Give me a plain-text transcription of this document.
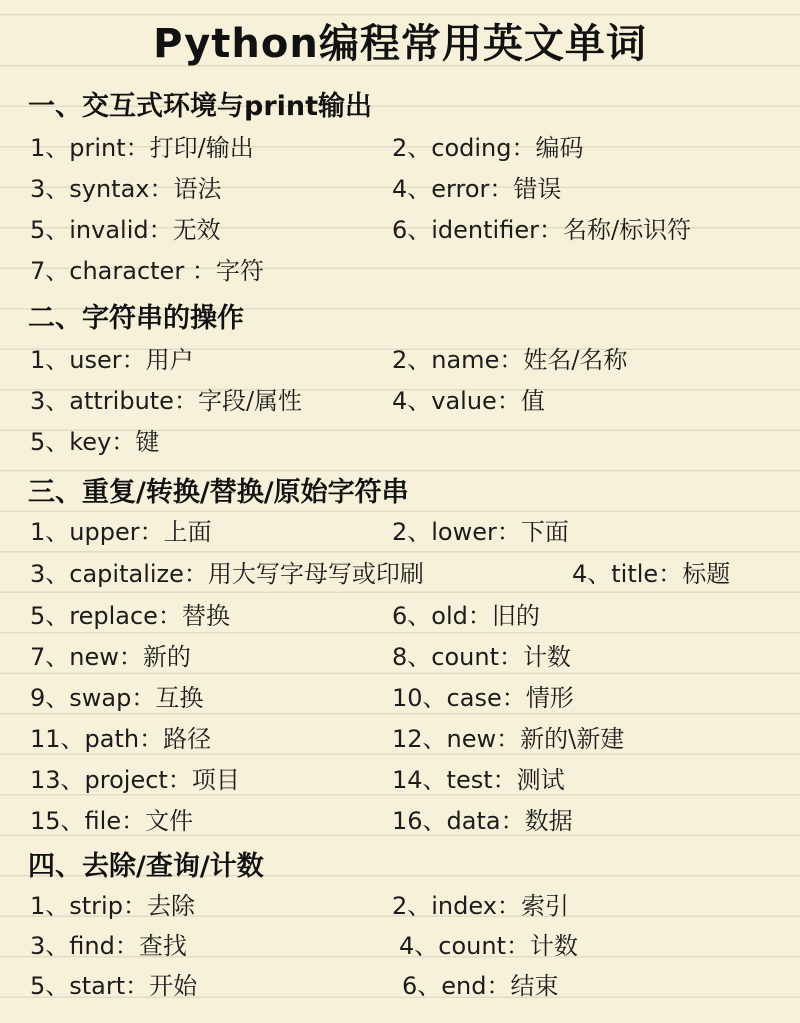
Python编程常用英文单词
一、交互式环境与print输出
1、print：打印/输出	2、coding：编码
3、syntax：语法	4、error：错误
5、invalid：无效	6、identifier：名称/标识符
7、character ：字符
二、字符串的操作
1、user：用户	2、name：姓名/名称
3、attribute：字段/属性	4、value：值
5、key：键
三、重复/转换/替换/原始字符串
1、upper：上面	2、lower：下面
3、capitalize：用大写字母写或印刷	4、title：标题
5、replace：替换	6、old：旧的
7、new：新的	8、count：计数
9、swap：互换	10、case：情形
11、path：路径	12、new：新的\新建
13、project：项目	14、test：测试
15、file：文件	16、data：数据
四、去除/查询/计数
1、strip：去除	2、index：索引
3、find：查找	4、count：计数
5、start：开始	6、end：结束
